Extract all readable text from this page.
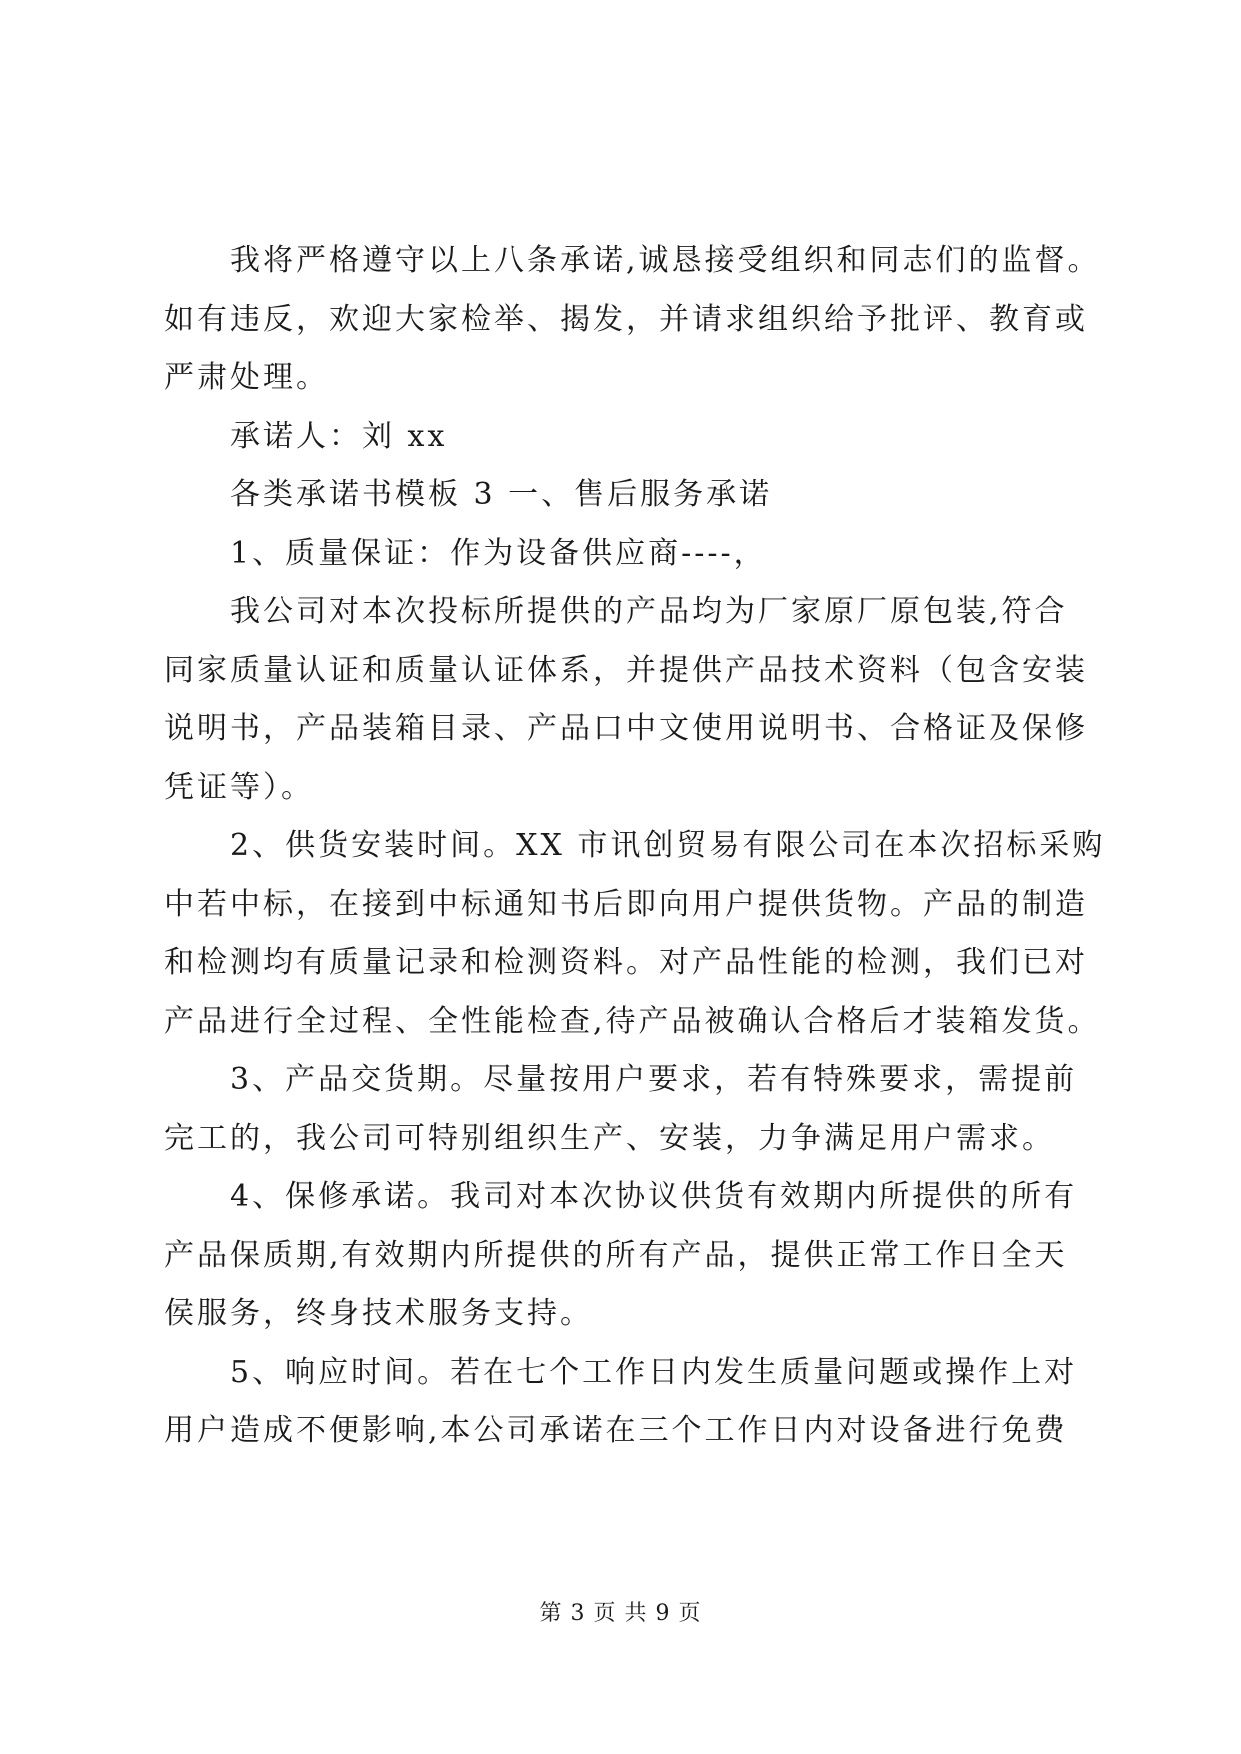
我将严格遵守以上八条承诺,诚恳接受组织和同志们的监督。
如有违反，欢迎大家检举、揭发，并请求组织给予批评、教育或
严肃处理。

承诺人：刘 xx

各类承诺书模板 3 一、售后服务承诺

1、质量保证：作为设备供应商----，

我公司对本次投标所提供的产品均为厂家原厂原包装,符合
同家质量认证和质量认证体系，并提供产品技术资料（包含安装
说明书，产品装箱目录、产品口中文使用说明书、合格证及保修
凭证等）。

2、供货安装时间。XX 市讯创贸易有限公司在本次招标采购
中若中标，在接到中标通知书后即向用户提供货物。产品的制造
和检测均有质量记录和检测资料。对产品性能的检测，我们已对
产品进行全过程、全性能检查,待产品被确认合格后才装箱发货。

3、产品交货期。尽量按用户要求，若有特殊要求，需提前
完工的，我公司可特别组织生产、安装，力争满足用户需求。

4、保修承诺。我司对本次协议供货有效期内所提供的所有
产品保质期,有效期内所提供的所有产品，提供正常工作日全天
侯服务，终身技术服务支持。

5、响应时间。若在七个工作日内发生质量问题或操作上对
用户造成不便影响,本公司承诺在三个工作日内对设备进行免费

第 3 页 共 9 页
